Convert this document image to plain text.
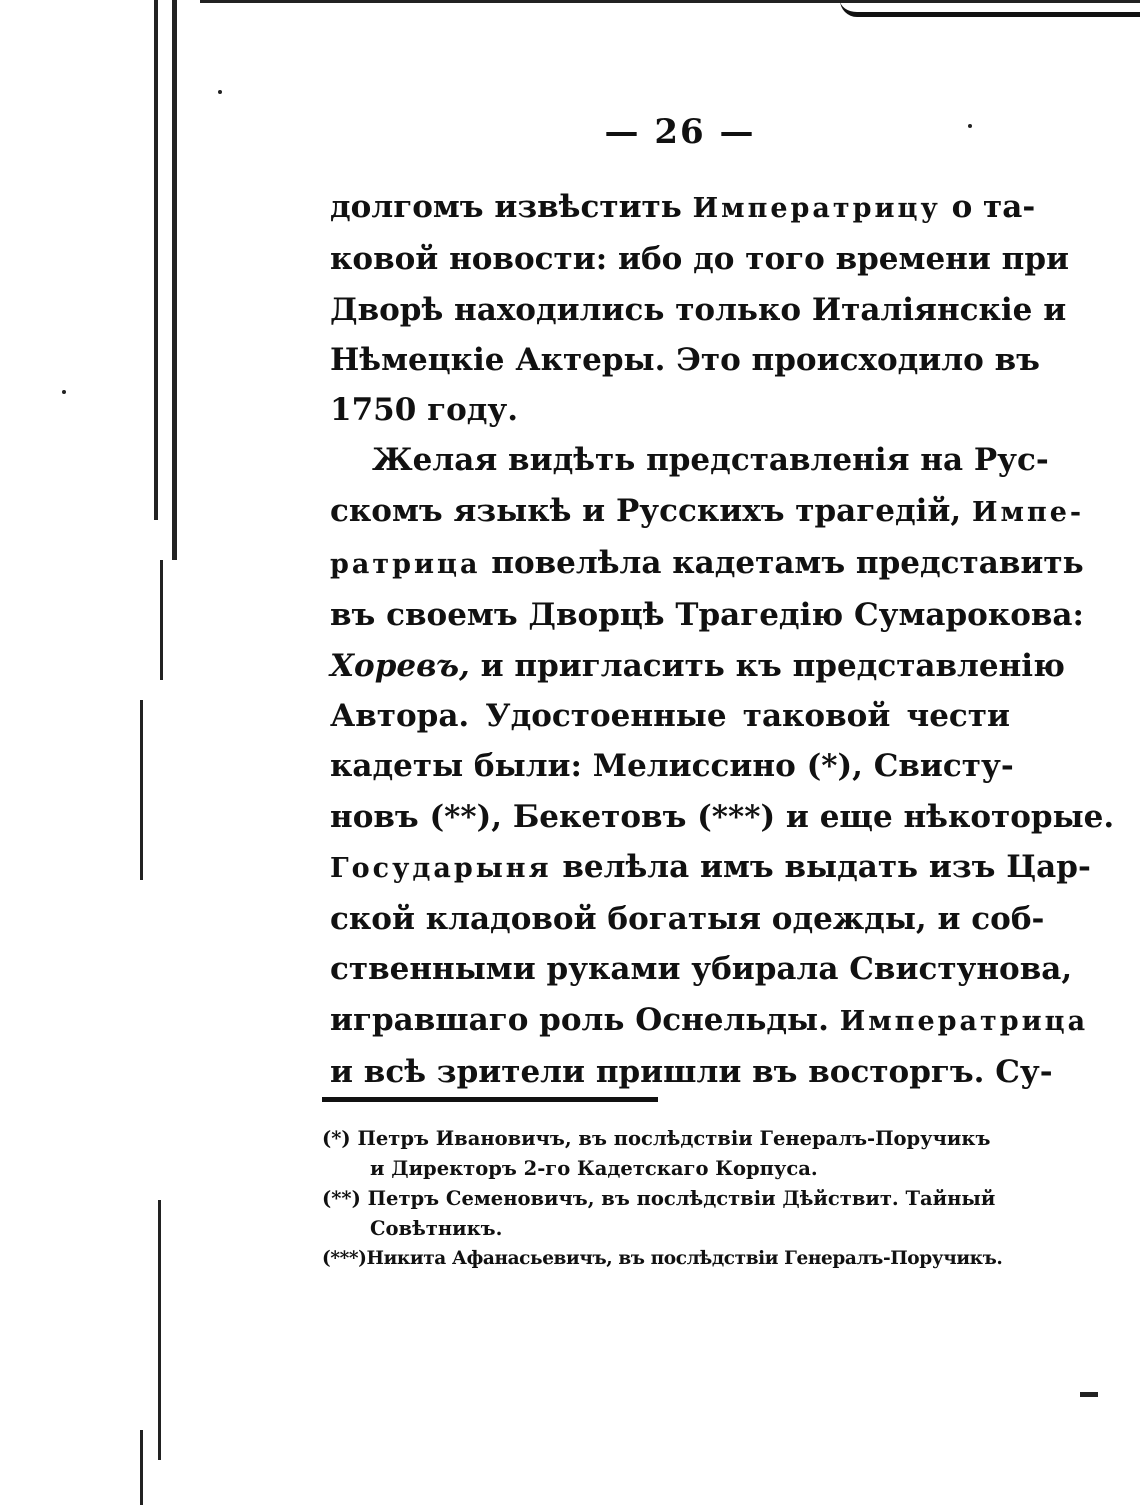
— 26 —
долгомъ извѣстить Императрицу о та-
ковой новости: ибо до того времени при
Дворѣ находились только Италіянскіе и
Нѣмецкіе Актеры. Это происходило въ
1750 году.
Желая видѣть представленія на Рус-
скомъ языкѣ и Русскихъ трагедій, Импе-
ратрица повелѣла кадетамъ представить
въ своемъ Дворцѣ Трагедію Сумарокова:
Хоревъ, и пригласить къ представленію
Автора. Удостоенные таковой чести
кадеты были: Мелиссино (*), Свисту-
новъ (**), Бекетовъ (***) и еще нѣкоторые.
Государыня велѣла имъ выдать изъ Цар-
ской кладовой богатыя одежды, и соб-
ственными руками убирала Свистунова,
игравшаго роль Оснельды. Императрица
и всѣ зрители пришли въ восторгъ. Су-
(*) Петръ Ивановичъ, въ послѣдствіи Генералъ-Поручикъ
и Директоръ 2-го Кадетскаго Корпуса.
(**) Петръ Семеновичъ, въ послѣдствіи Дѣйствит. Тайный
Совѣтникъ.
(***)Никита Афанасьевичъ, въ послѣдствіи Генералъ-Поручикъ.
